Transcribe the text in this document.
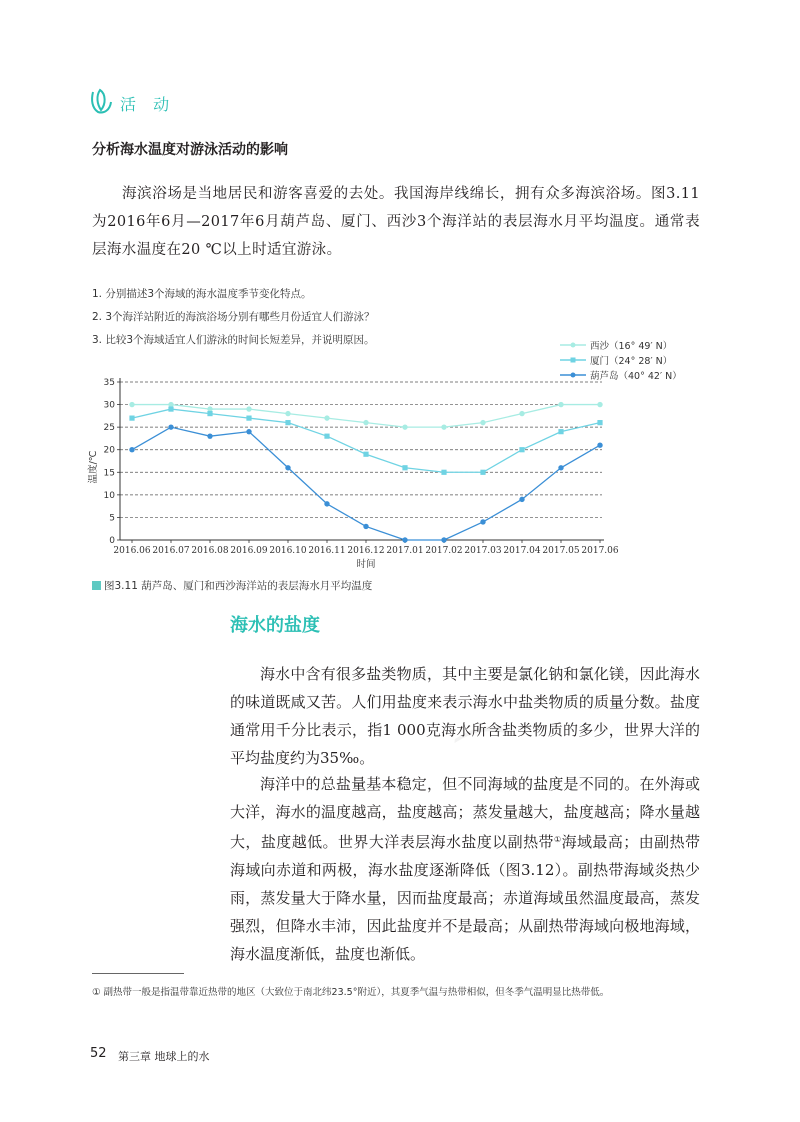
活 动
分析海水温度对游泳活动的影响
海滨浴场是当地居民和游客喜爱的去处。我国海岸线绵长，拥有众多海滨浴场。图3.11为2016年6月—2017年6月葫芦岛、厦门、西沙3个海洋站的表层海水月平均温度。通常表层海水温度在20 ℃以上时适宜游泳。
1. 分别描述3个海域的海水温度季节变化特点。
2. 3个海洋站附近的海滨浴场分别有哪些月份适宜人们游泳？
3. 比较3个海域适宜人们游泳的时间长短差异，并说明原因。
西沙（16° 49′ N）
厦门（24° 28′ N）
葫芦岛（40° 42′ N）
0
5
10
15
20
25
30
35
2016.06 2016.07 2016.08 2016.09 2016.10 2016.11 2016.12 2017.01 2017.02 2017.03 2017.04 2017.05 2017.06
时间
温度/℃
图3.11 葫芦岛、厦门和西沙海洋站的表层海水月平均温度
⁀
海水的盐度
海水中含有很多盐类物质，其中主要是氯化钠和氯化镁，因此海水的味道既咸又苦。人们用盐度来表示海水中盐类物质的质量分数。盐度通常用千分比表示，指1 000克海水所含盐类物质的多少，世界大洋的平均盐度约为35‰。
海洋中的总盐量基本稳定，但不同海域的盐度是不同的。在外海或大洋，海水的温度越高，盐度越高；蒸发量越大，盐度越高；降水量越大，盐度越低。世界大洋表层海水盐度以副热带①海域最高；由副热带海域向赤道和两极，海水盐度逐渐降低（图3.12）。副热带海域炎热少雨，蒸发量大于降水量，因而盐度最高；赤道海域虽然温度最高，蒸发强烈，但降水丰沛，因此盐度并不是最高；从副热带海域向极地海域，海水温度渐低，盐度也渐低。
① 副热带一般是指温带靠近热带的地区（大致位于南北纬23.5°附近），其夏季气温与热带相似，但冬季气温明显比热带低。
52 第三章 地球上的水
